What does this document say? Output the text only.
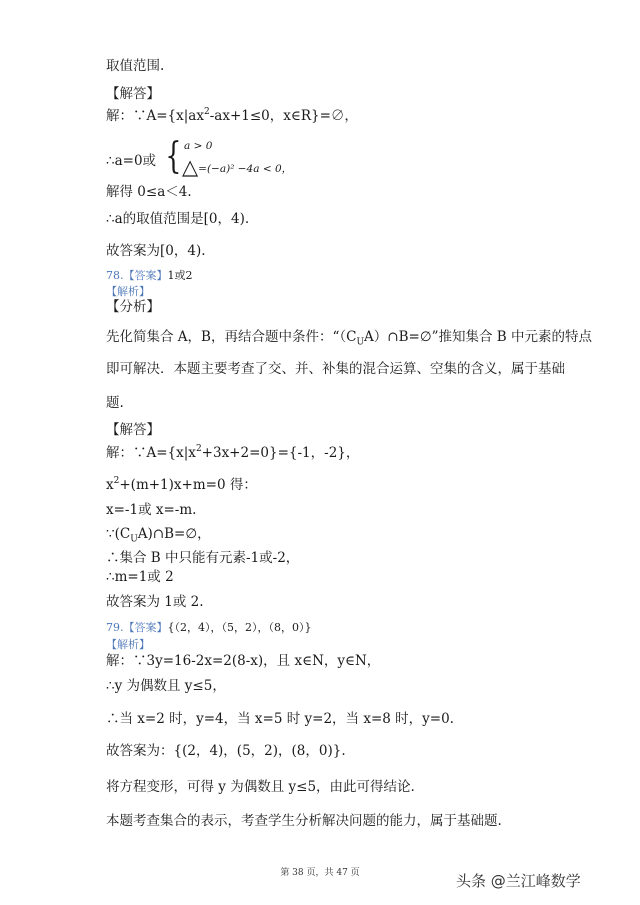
取值范围.
【解答】
解：$\because A=\{x|ax^2-ax+1\le 0$，x∈R}=∅，
∴a=0或 { a > 0
△=(−a)² −4a < 0，
解得 0≤a＜4.
∴a的取值范围是[0，4).
故答案为[0，4).
78.【答案】1或2
【解析】
【分析】
先化简集合 A，B，再结合题中条件：“$(C_UA)\cap B=\emptyset$”推知集合 B 中元素的特点
即可解决．本题主要考查了交、并、补集的混合运算、空集的含义，属于基础
题.
【解答】
解：$\because A=\{x|x^2+3x+2=0\}=\{-1$，-2}，
$x^2+(m+1)x+m=0$ 得：
x=-1或 x=-m.
$\because(C_UA)\cap B=\emptyset$，
∴集合 B 中只能有元素-1或-2，
∴m=1或 2
故答案为 1或 2.
79.【答案】{（2，4），（5，2），（8，0）}
【解析】
解：∵3y=16-2x=2(8-x)，且 x∈N，y∈N，
∴y 为偶数且 y≤5，
∴当 x=2 时，y=4，当 x=5 时 y=2，当 x=8 时，y=0.
故答案为：{(2，4)，(5，2)，(8，0)}.
将方程变形，可得 y 为偶数且 y≤5，由此可得结论.
本题考查集合的表示，考查学生分析解决问题的能力，属于基础题.
第 38 页，共 47 页	头条 @兰江峰数学
